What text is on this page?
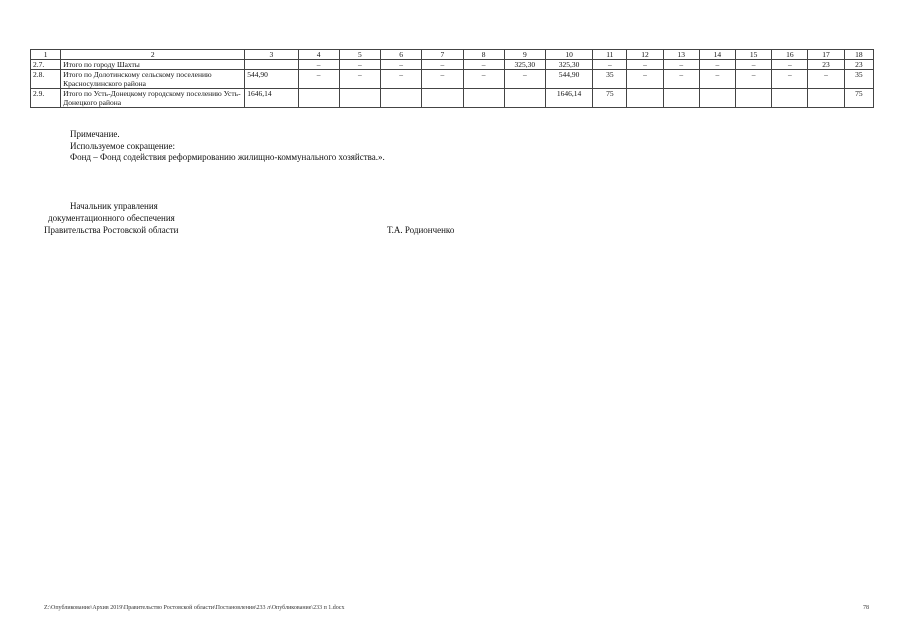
1	2	3	4	5	6	7	8	9	10	11	12	13	14	15	16	17	18
2.7.	Итого по городу Шахты		–	–	–	–	–	325,30	325,30	–	–	–	–	–	–	23	23
2.8.	Итого по Долотинскому сельскому поселению Красносулинского района	544,90	–	–	–	–	–	–	544,90	35	–	–	–	–	–	–	35
2.9.	Итого по Усть-Донецкому городскому поселению Усть-Донецкого района	1646,14							1646,14	75							75
Примечание.
Используемое сокращение:
Фонд – Фонд содействия реформированию жилищно-коммунального хозяйства.».
Начальник управления
документационного обеспечения
Правительства Ростовской области	Т.А. Родионченко
Z:\Опубликование\Архив 2019\Правительство Ростовской области\Постановления\233 л\Опубликование\233 п 1.docx	78
